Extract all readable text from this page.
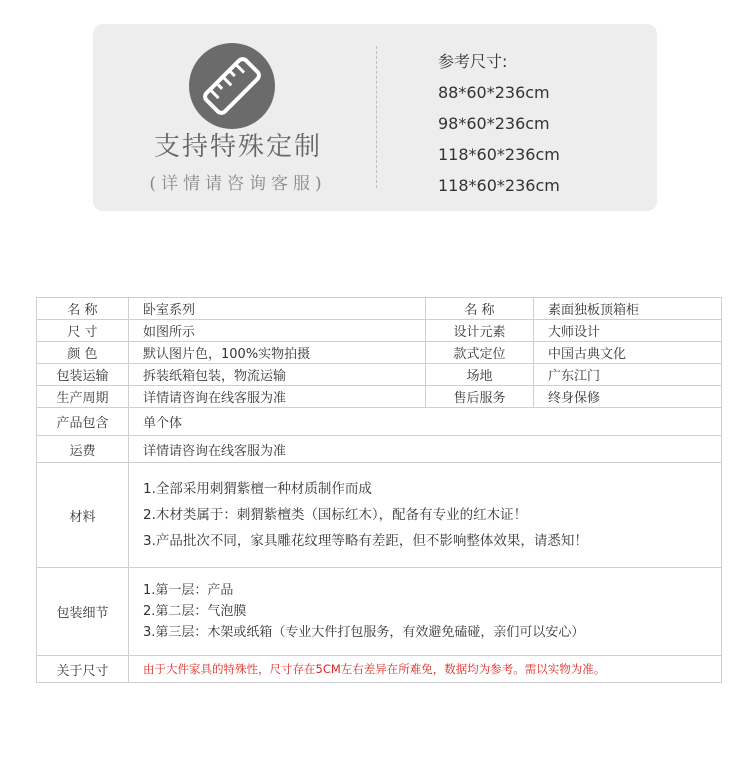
支持特殊定制
(详情请咨询客服)
参考尺寸:
88*60*236cm
98*60*236cm
118*60*236cm
118*60*236cm
名 称	卧室系列	名 称	素面独板顶箱柜
尺 寸	如图所示	设计元素	大师设计
颜 色	默认图片色，100%实物拍摄	款式定位	中国古典文化
包装运输	拆装纸箱包装，物流运输	场地	广东江门
生产周期	详情请咨询在线客服为准	售后服务	终身保修
产品包含	单个体		
运费	详情请咨询在线客服为准		
材料	1.全部采用刺猬紫檀一种材质制作而成
2.木材类属于：刺猬紫檀类（国标红木），配备有专业的红木证！
3.产品批次不同，家具雕花纹理等略有差距，但不影响整体效果，请悉知！		

包装细节	1.第一层：产品
2.第二层：气泡膜
3.第三层：木架或纸箱（专业大件打包服务，有效避免磕碰，亲们可以安心）		

关于尺寸	由于大件家具的特殊性，尺寸存在5CM左右差异在所难免，数据均为参考。需以实物为准。		
